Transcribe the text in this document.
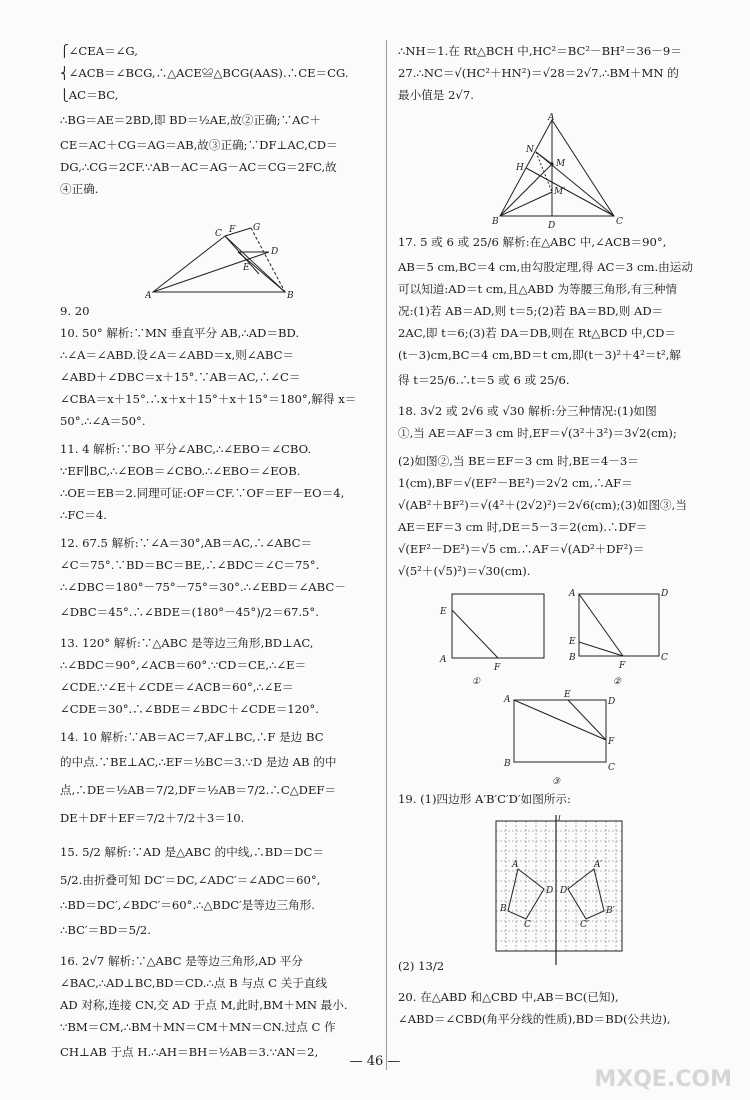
⎧∠CEA＝∠G,
⎨∠ACB＝∠BCG,∴△ACE≌△BCG(AAS).∴CE＝CG.
⎩AC＝BC,
∴BG＝AE＝2BD,即 BD＝½AE,故②正确;∵AC＋
CE＝AC＋CG＝AG＝AB,故③正确;∵DF⊥AC,CD＝
DG,∴CG＝2CF.∵AB－AC＝AG－AC＝CG＝2FC,故
④正确.
9. 20
10. 50° 解析:∵MN 垂直平分 AB,∴AD＝BD.
∴∠A＝∠ABD.设∠A＝∠ABD＝x,则∠ABC＝
∠ABD＋∠DBC＝x＋15°.∵AB＝AC,∴∠C＝
∠CBA＝x＋15°.∴x＋x＋15°＋x＋15°＝180°,解得 x＝
50°.∴∠A＝50°.
11. 4 解析:∵BO 平分∠ABC,∴∠EBO＝∠CBO.
∵EF∥BC,∴∠EOB＝∠CBO.∴∠EBO＝∠EOB.
∴OE＝EB＝2.同理可证:OF＝CF.∵OF＝EF－EO＝4,
∴FC＝4.
12. 67.5 解析:∵∠A＝30°,AB＝AC,∴∠ABC＝
∠C＝75°.∵BD＝BC＝BE,∴∠BDC＝∠C＝75°.
∴∠DBC＝180°－75°－75°＝30°.∴∠EBD＝∠ABC－
∠DBC＝45°.∴∠BDE＝(180°－45°)/2＝67.5°.
13. 120° 解析:∵△ABC 是等边三角形,BD⊥AC,
∴∠BDC＝90°,∠ACB＝60°.∵CD＝CE,∴∠E＝
∠CDE.∵∠E＋∠CDE＝∠ACB＝60°,∴∠E＝
∠CDE＝30°.∴∠BDE＝∠BDC＋∠CDE＝120°.
14. 10 解析:∵AB＝AC＝7,AF⊥BC,∴F 是边 BC
的中点.∵BE⊥AC,∴EF＝½BC＝3.∵D 是边 AB 的中
点,∴DE＝½AB＝7/2,DF＝½AB＝7/2.∴C△DEF＝
DE＋DF＋EF＝7/2＋7/2＋3＝10.
15. 5/2 解析:∵AD 是△ABC 的中线,∴BD＝DC＝
5/2.由折叠可知 DC′＝DC,∠ADC′＝∠ADC＝60°,
∴BD＝DC′,∠BDC′＝60°.∴△BDC′是等边三角形.
∴BC′＝BD＝5/2.
16. 2√7 解析:∵△ABC 是等边三角形,AD 平分
∠BAC,∴AD⊥BC,BD＝CD.∴点 B 与点 C 关于直线
AD 对称,连接 CN,交 AD 于点 M,此时,BM＋MN 最小.
∵BM＝CM,∴BM＋MN＝CM＋MN＝CN.过点 C 作
CH⊥AB 于点 H.∴AH＝BH＝½AB＝3.∵AN＝2,
A	B
C
D
E
F G
∴NH＝1.在 Rt△BCH 中,HC²＝BC²－BH²＝36－9＝
27.∴NC＝√(HC²＋HN²)＝√28＝2√7.∴BM＋MN 的
最小值是 2√7.
17. 5 或 6 或 25/6 解析:在△ABC 中,∠ACB＝90°,
AB＝5 cm,BC＝4 cm,由勾股定理,得 AC＝3 cm.由运动
可以知道:AD＝t cm,且△ABD 为等腰三角形,有三种情
况:(1)若 AB＝AD,则 t＝5;(2)若 BA＝BD,则 AD＝
2AC,即 t＝6;(3)若 DA＝DB,则在 Rt△BCD 中,CD＝
(t－3)cm,BC＝4 cm,BD＝t cm,即(t－3)²＋4²＝t²,解
得 t＝25/6.∴t＝5 或 6 或 25/6.
18. 3√2 或 2√6 或 √30 解析:分三种情况:(1)如图
①,当 AE＝AF＝3 cm 时,EF＝√(3²＋3²)＝3√2(cm);
(2)如图②,当 BE＝EF＝3 cm 时,BE＝4－3＝
1(cm),BF＝√(EF²－BE²)＝2√2 cm,∴AF＝
√(AB²＋BF²)＝√(4²＋(2√2)²)＝2√6(cm);(3)如图③,当
AE＝EF＝3 cm 时,DE＝5－3＝2(cm).∴DF＝
√(EF²－DE²)＝√5 cm.∴AF＝√(AD²＋DF²)＝
√(5²＋(√5)²)＝√30(cm).
19. (1)四边形 A′B′C′D′如图所示:
(2) 13/2
20. 在△ABD 和△CBD 中,AB＝BC(已知),
∠ABD＝∠CBD(角平分线的性质),BD＝BD(公共边),
A
N
H	M
M′
B	D	C
A
E
F
①
A	D
E
B
F
C
②
A	E
D
F
B	C
③
l
A
B
C
D
A′
B′
C′
D′
— 46 —
MXQE.COM
